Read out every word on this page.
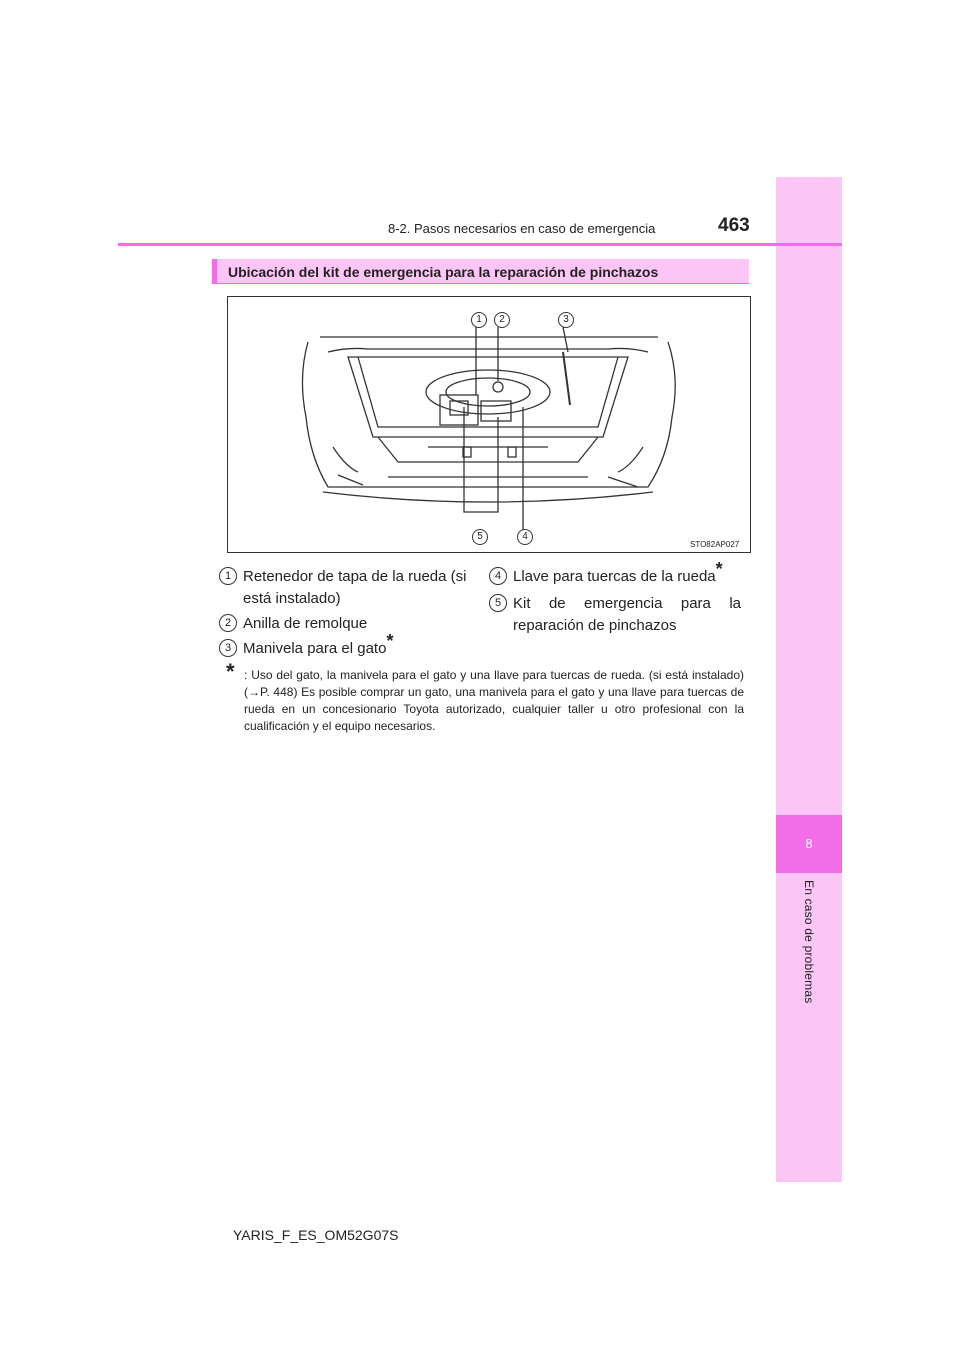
8
En caso de problemas
8-2. Pasos necesarios en caso de emergencia	463
Ubicación del kit de emergencia para la reparación de pinchazos
1	2	3
4
5
STO82AP027
1 Retenedor de tapa de la rueda (si está instalado)
2 Anilla de remolque
3 Manivela para el gato*
4 Llave para tuercas de la rueda*
5 Kit de emergencia para la reparación de pinchazos
* : Uso del gato, la manivela para el gato y una llave para tuercas de rueda. (si está instalado) (→P. 448) Es posible comprar un gato, una manivela para el gato y una llave para tuercas de rueda en un concesionario Toyota autorizado, cualquier taller u otro profesional con la cualificación y el equipo necesarios.
YARIS_F_ES_OM52G07S
